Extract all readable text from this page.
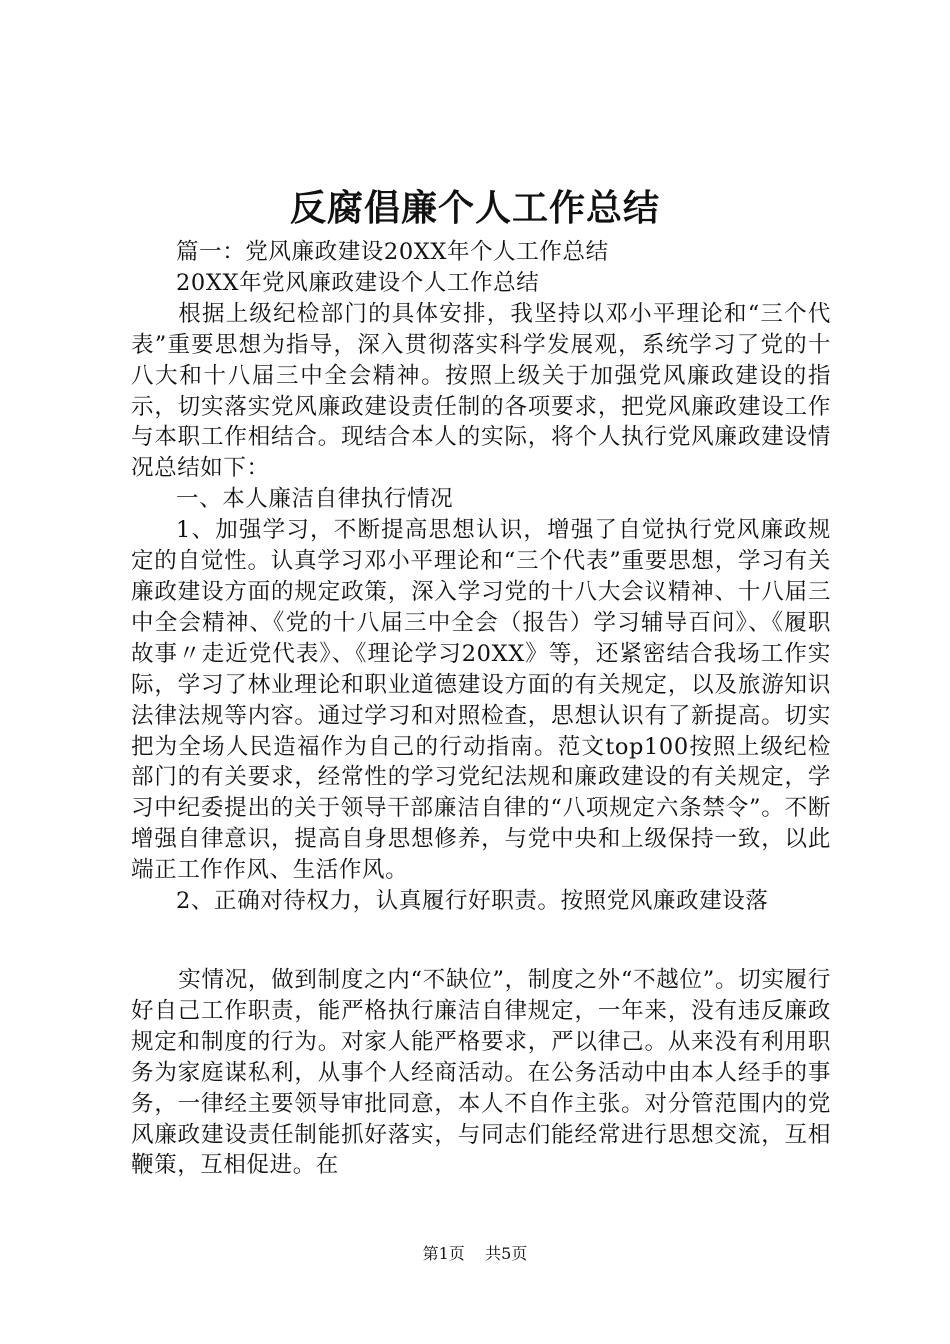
反腐倡廉个人工作总结

篇一：党风廉政建设20XX年个人工作总结

20XX年党风廉政建设个人工作总结

根据上级纪检部门的具体安排，我坚持以邓小平理论和“三个代表”重要思想为指导，深入贯彻落实科学发展观，系统学习了党的十八大和十八届三中全会精神。按照上级关于加强党风廉政建设的指示，切实落实党风廉政建设责任制的各项要求，把党风廉政建设工作与本职工作相结合。现结合本人的实际，将个人执行党风廉政建设情况总结如下：

一、本人廉洁自律执行情况

1、加强学习，不断提高思想认识，增强了自觉执行党风廉政规定的自觉性。认真学习邓小平理论和“三个代表”重要思想，学习有关廉政建设方面的规定政策，深入学习党的十八大会议精神、十八届三中全会精神、《党的十八届三中全会（报告）学习辅导百问》、《履职故事〃走近党代表》、《理论学习20XX》等，还紧密结合我场工作实际，学习了林业理论和职业道德建设方面的有关规定，以及旅游知识法律法规等内容。通过学习和对照检查，思想认识有了新提高。切实把为全场人民造福作为自己的行动指南。范文top100按照上级纪检部门的有关要求，经常性的学习党纪法规和廉政建设的有关规定，学习中纪委提出的关于领导干部廉洁自律的“八项规定六条禁令”。不断增强自律意识，提高自身思想修养，与党中央和上级保持一致，以此端正工作作风、生活作风。

2、正确对待权力，认真履行好职责。按照党风廉政建设落

实情况，做到制度之内“不缺位”，制度之外“不越位”。切实履行好自己工作职责，能严格执行廉洁自律规定，一年来，没有违反廉政规定和制度的行为。对家人能严格要求，严以律己。从来没有利用职务为家庭谋私利，从事个人经商活动。在公务活动中由本人经手的事务，一律经主要领导审批同意，本人不自作主张。对分管范围内的党风廉政建设责任制能抓好落实，与同志们能经常进行思想交流，互相鞭策，互相促进。在

第1页 共5页
